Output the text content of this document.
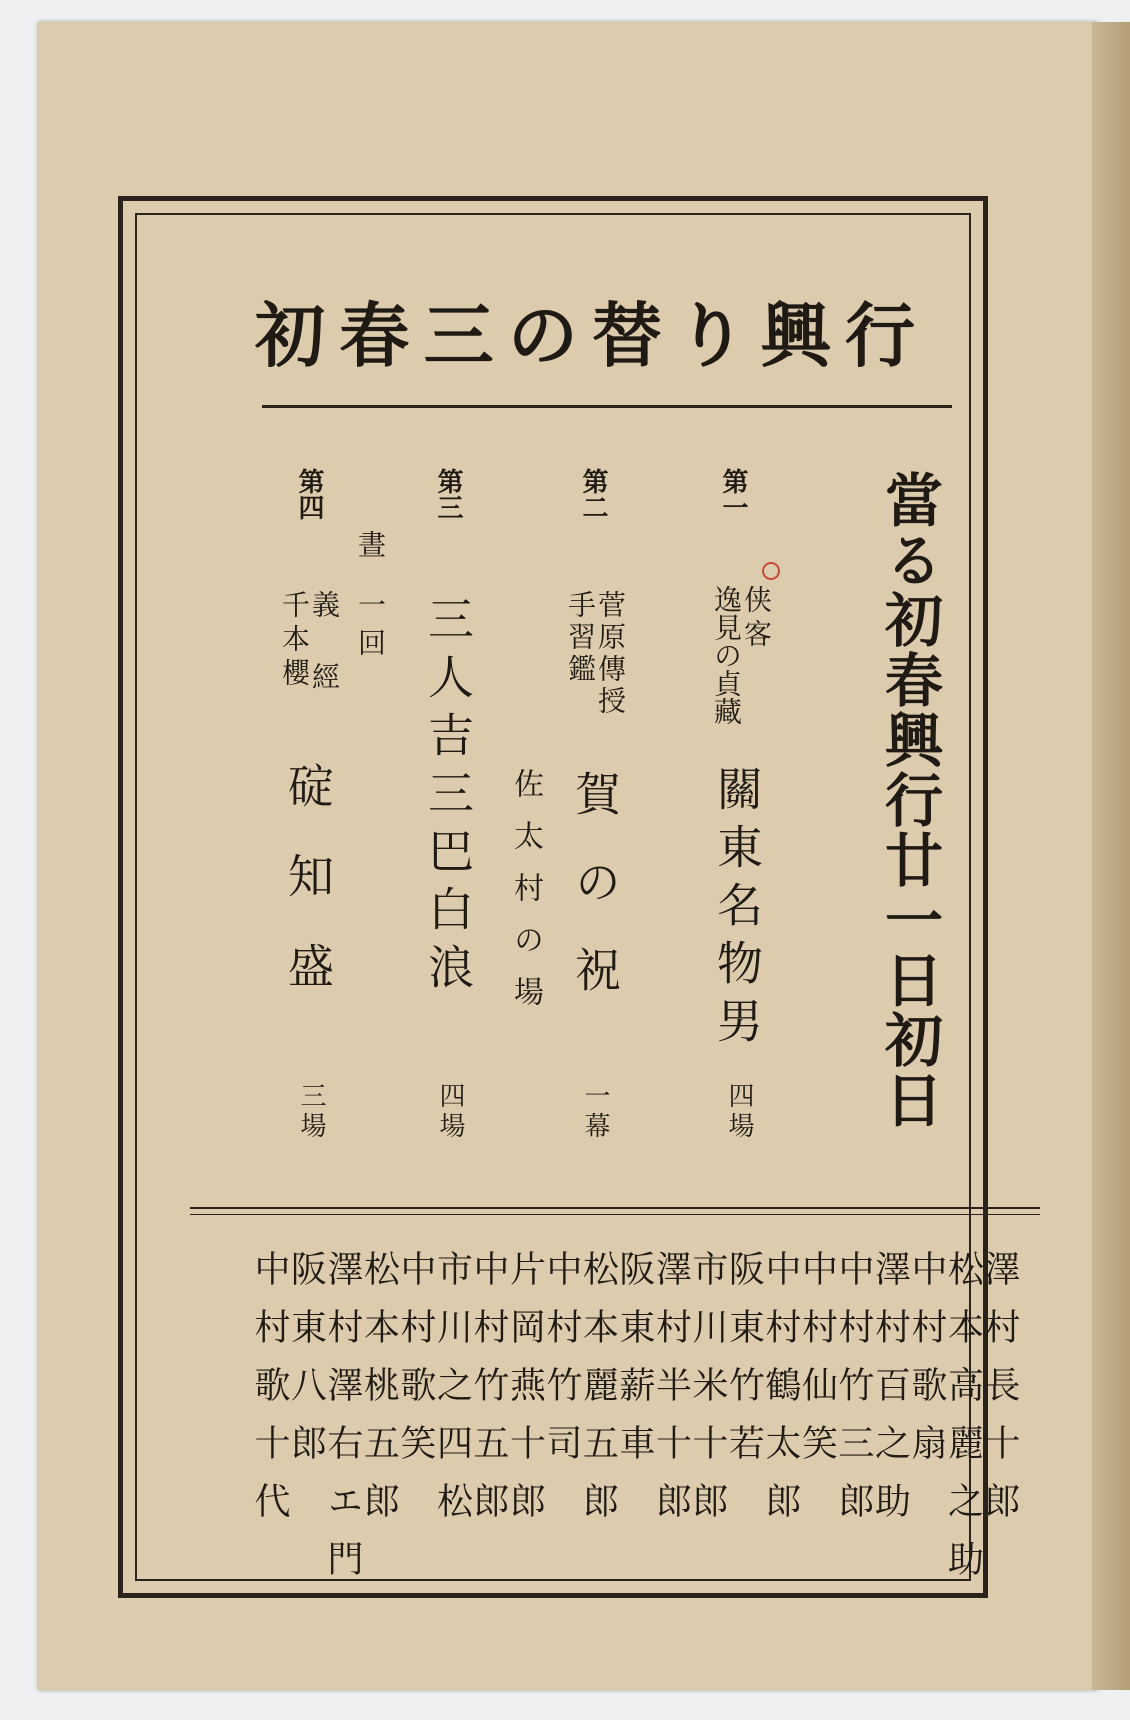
初 春 三 の 替 り 興 行
當る初春興行廿一日初日
第一
侠客
逸見の貞藏
關東名物男
四場
第二
菅原傳授
手習鑑
賀の祝
佐太村の場
一幕
第三
三人吉三巴白浪
四場
第四
晝
一回
義經
千本櫻
碇知盛
三場
澤村長十郎
松本高麗之助
中村歌扇
澤村百之助
中村竹三郎
中村仙笑
中村鶴太郎
阪東竹若
市川米十郎
澤村半十郎
阪東薪車
松本麗五郎
中村竹司
片岡燕十郎
中村竹五郎
市川之四松
中村歌笑
松本桃五郎
澤村澤右エ門
阪東八郎
中村歌十代
